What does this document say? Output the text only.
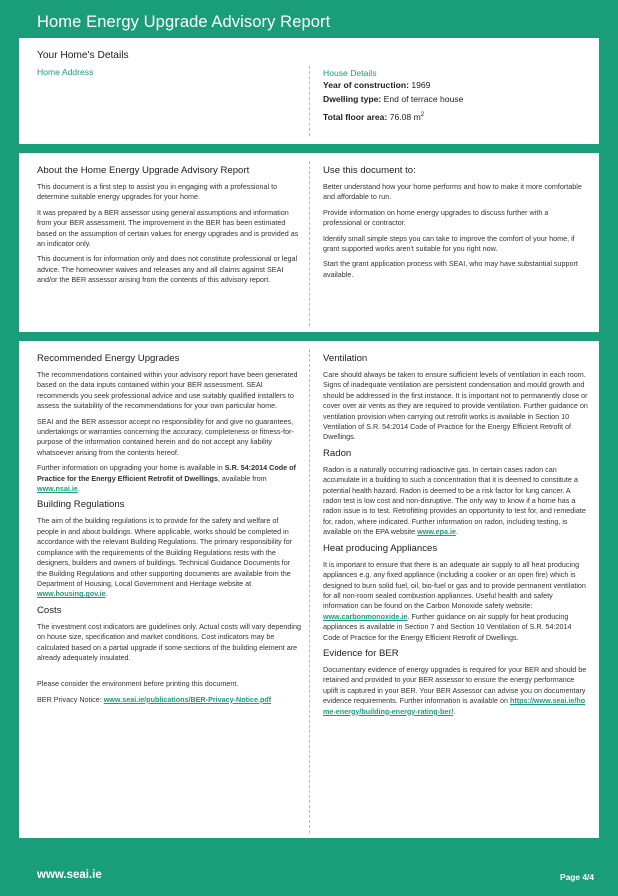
Home Energy Upgrade Advisory Report
Your Home's Details
Home Address	House Details
Year of construction: 1969
Dwelling type: End of terrace house
Total floor area: 76.08 $m^2$
About the Home Energy Upgrade Advisory Report
This document is a first step to assist you in engaging with a professional to determine suitable energy upgrades for your home.
It was prepared by a BER assessor using general assumptions and information from your BER assessment. The improvement in the BER has been estimated based on the assumption of certain values for energy upgrades and is provided as an indicator only.
This document is for information only and does not constitute professional or legal advice. The homeowner waives and releases any and all claims against SEAI and/or the BER assessor arising from the contents of this advisory report.
Use this document to:
Better understand how your home performs and how to make it more comfortable and affordable to run.
Provide information on home energy upgrades to discuss further with a professional or contractor.
Identify small simple steps you can take to improve the comfort of your home, if grant supported works aren't suitable for you right now.
Start the grant application process with SEAI, who may have substantial support available.
Recommended Energy Upgrades
The recommendations contained within your advisory report have been generated based on the data inputs contained within your BER assessment. SEAI recommends you seek professional advice and use suitably qualified installers to assess the suitability of the recommendations for your own particular home.
SEAI and the BER assessor accept no responsibility for and give no guarantees, undertakings or warranties concerning the accuracy, completeness or fitness-for-purpose of the information contained herein and do not accept any liability whatsoever arising from the contents hereof.
Further information on upgrading your home is available in S.R. 54:2014 Code of Practice for the Energy Efficient Retrofit of Dwellings, available from www.nsai.ie.
Building Regulations
The aim of the building regulations is to provide for the safety and welfare of people in and about buildings. Where applicable, works should be completed in accordance with the relevant Building Regulations. The primary responsibility for compliance with the requirements of the Building Regulations rests with the designers, builders and owners of buildings. Technical Guidance Documents for the Building Regulations and other supporting documents are available from the Department of Housing, Local Government and Heritage website at www.housing.gov.ie.
Costs
The investment cost indicators are guidelines only. Actual costs will vary depending on house size, specification and market conditions. Cost indicators may be calculated based on a partial upgrade if some sections of the building element are already adequately insulated.
Please consider the environment before printing this document.
BER Privacy Notice: www.seai.ie/publications/BER-Privacy-Notice.pdf
Ventilation
Care should always be taken to ensure sufficient levels of ventilation in each room. Signs of inadequate ventilation are persistent condensation and mould growth and should be addressed in the first instance. It is important not to permanently close or cover over air vents as they are required to provide ventilation. Further guidance on ventilation provision when carrying out retrofit works is available in Section 10 Ventilation of S.R. 54:2014 Code of Practice for the Energy Efficient Retrofit of Dwellings.
Radon
Radon is a naturally occurring radioactive gas. In certain cases radon can accumulate in a building to such a concentration that it is deemed to constitute a potential health hazard. Radon is deemed to be a risk factor for lung cancer. A radon test is low cost and non-disruptive. The only way to know if a home has a radon issue is to test. Retrofitting provides an opportunity to test for, and remediate for, radon, where indicated. Further information on radon, including testing, is available on the EPA website www.epa.ie.
Heat producing Appliances
It is important to ensure that there is an adequate air supply to all heat producing appliances e.g. any fixed appliance (including a cooker or an open fire) which is designed to burn solid fuel, oil, bio-fuel or gas and to provide permanent ventilation for all non-room sealed combustion appliances. Useful health and safety information can be found on the Carbon Monoxide safety website: www.carbonmonoxide.ie. Further guidance on air supply for heat producing appliances is available in Section 7 and Section 10 Ventilation of S.R. 54:2014 Code of Practice for the Energy Efficient Retrofit of Dwellings.
Evidence for BER
Documentary evidence of energy upgrades is required for your BER and should be retained and provided to your BER assessor to ensure the energy performance uplift is captured in your BER. Your BER Assessor can advise you on documentary evidence requirements. Further information is available on https://www.seai.ie/home-energy/building-energy-rating-ber/.
www.seai.ie	Page 4/4
